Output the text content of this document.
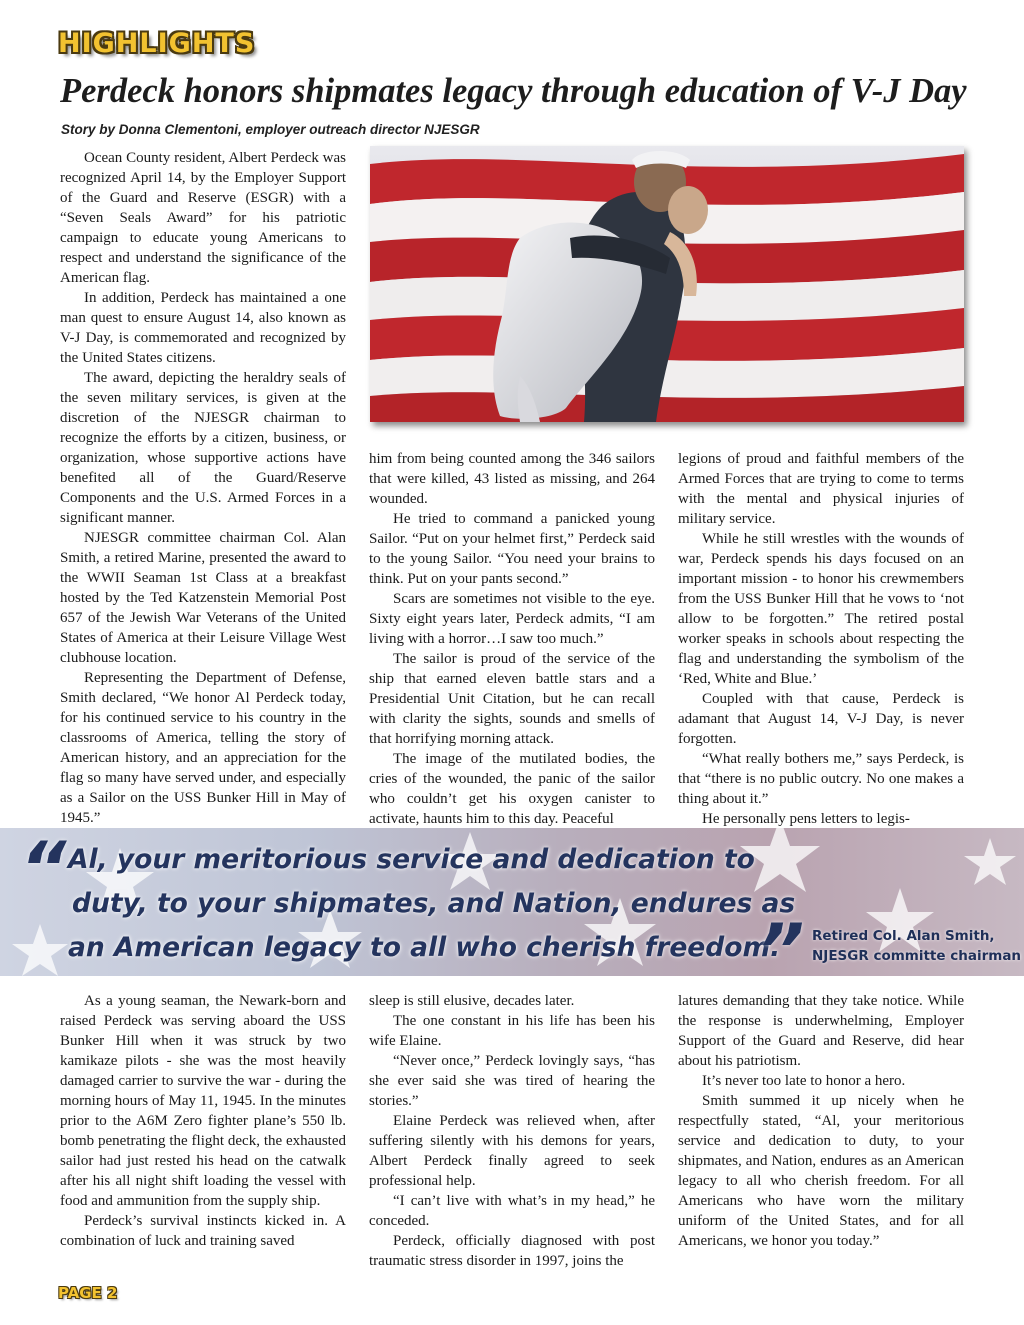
HIGHLIGHTS
Perdeck honors shipmates legacy through education of V-J Day
Story by Donna Clementoni, employer outreach director NJESGR

Ocean County resident, Albert Perdeck was recognized April 14, by the Employer Support of the Guard and Reserve (ESGR) with a “Seven Seals Award” for his patriotic campaign to educate young Americans to respect and understand the significance of the American flag.

In addition, Perdeck has maintained a one man quest to ensure August 14, also known as V-J Day, is commemorated and recognized by the United States citizens.

The award, depicting the heraldry seals of the seven military services, is given at the discretion of the NJESGR chairman to recognize the efforts by a citizen, business, or organization, whose supportive actions have benefited all of the Guard/Reserve Components and the U.S. Armed Forces in a significant manner.

NJESGR committee chairman Col. Alan Smith, a retired Marine, presented the award to the WWII Seaman 1st Class at a breakfast hosted by the Ted Katzenstein Memorial Post 657 of the Jewish War Veterans of the United States of America at their Leisure Village West clubhouse location.

Representing the Department of Defense, Smith declared, “We honor Al Perdeck today, for his continued service to his country in the classrooms of America, telling the story of American history, and an appreciation for the flag so many have served under, and especially as a Sailor on the USS Bunker Hill in May of 1945.”

him from being counted among the 346 sailors that were killed, 43 listed as missing, and 264 wounded.

He tried to command a panicked young Sailor. “Put on your helmet first,” Perdeck said to the young Sailor. “You need your brains to think. Put on your pants second.”

Scars are sometimes not visible to the eye. Sixty eight years later, Perdeck admits, “I am living with a horror…I saw too much.”

The sailor is proud of the service of the ship that earned eleven battle stars and a Presidential Unit Citation, but he can recall with clarity the sights, sounds and smells of that horrifying morning attack.

The image of the mutilated bodies, the cries of the wounded, the panic of the sailor who couldn’t get his oxygen canister to activate, haunts him to this day. Peaceful

legions of proud and faithful members of the Armed Forces that are trying to come to terms with the mental and physical injuries of military service.

While he still wrestles with the wounds of war, Perdeck spends his days focused on an important mission - to honor his crewmembers from the USS Bunker Hill that he vows to ‘not allow to be forgotten.” The retired postal worker speaks in schools about respecting the flag and understanding the symbolism of the ‘Red, White and Blue.’

Coupled with that cause, Perdeck is adamant that August 14, V-J Day, is never forgotten.

“What really bothers me,” says Perdeck, is that “there is no public outcry. No one makes a thing about it.”

He personally pens letters to legis-

“ Al, your meritorious service and dedication to
duty, to your shipmates, and Nation, endures as
an American legacy to all who cherish freedom.
” Retired Col. Alan Smith,
NJESGR committe chairman

As a young seaman, the Newark-born and raised Perdeck was serving aboard the USS Bunker Hill when it was struck by two kamikaze pilots - she was the most heavily damaged carrier to survive the war - during the morning hours of May 11, 1945. In the minutes prior to the A6M Zero fighter plane’s 550 lb. bomb penetrating the flight deck, the exhausted sailor had just rested his head on the catwalk after his all night shift loading the vessel with food and ammunition from the supply ship.

Perdeck’s survival instincts kicked in. A combination of luck and training saved

sleep is still elusive, decades later.

The one constant in his life has been his wife Elaine.

“Never once,” Perdeck lovingly says, “has she ever said she was tired of hearing the stories.”

Elaine Perdeck was relieved when, after suffering silently with his demons for years, Albert Perdeck finally agreed to seek professional help.

“I can’t live with what’s in my head,” he conceded.

Perdeck, officially diagnosed with post traumatic stress disorder in 1997, joins the

latures demanding that they take notice. While the response is underwhelming, Employer Support of the Guard and Reserve, did hear about his patriotism.

It’s never too late to honor a hero.

Smith summed it up nicely when he respectfully stated, “Al, your meritorious service and dedication to duty, to your shipmates, and Nation, endures as an American legacy to all who cherish freedom. For all Americans who have worn the military uniform of the United States, and for all Americans, we honor you today.”

PAGE 2
